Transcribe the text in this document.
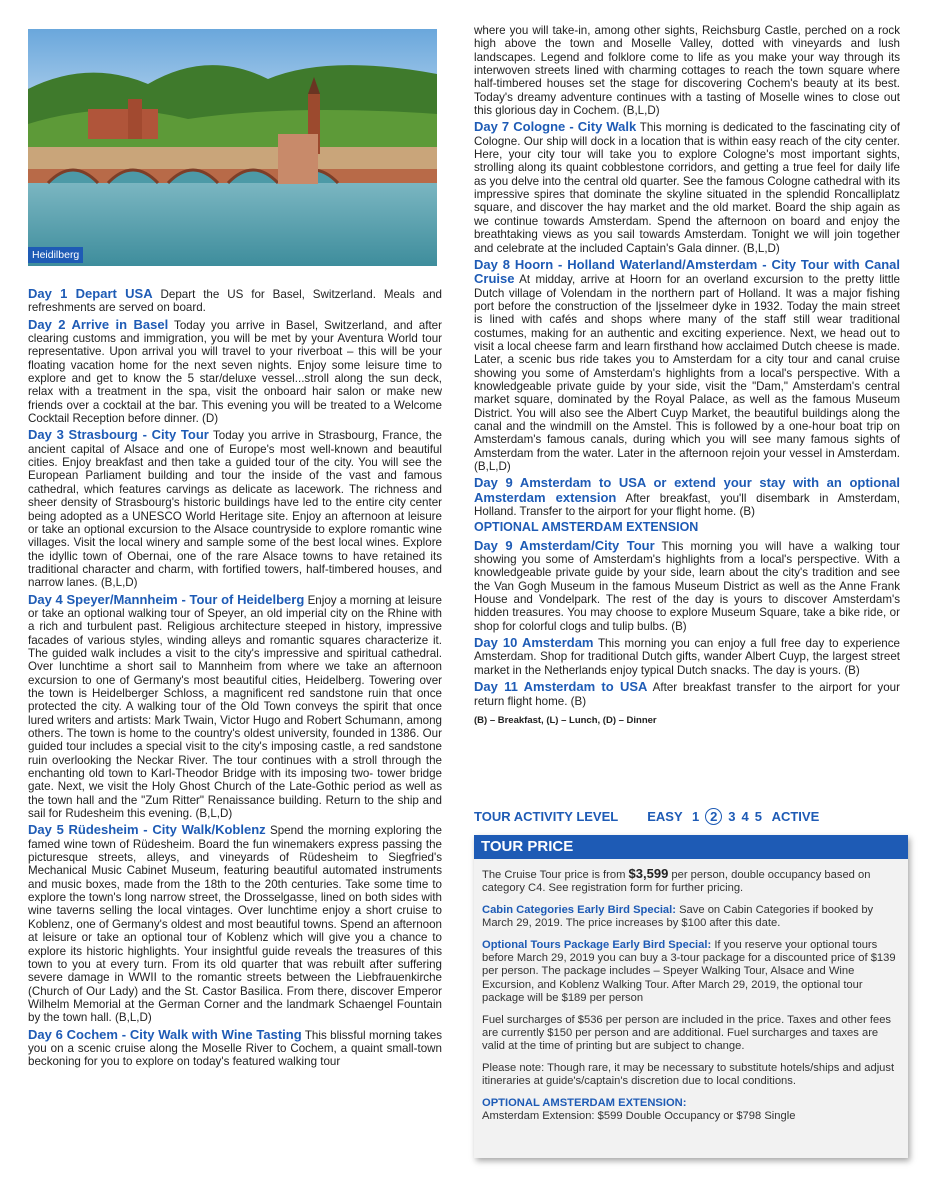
Heidilberg

Day 1 Depart USA Depart the US for Basel, Switzerland. Meals and refreshments are served on board.

Day 2 Arrive in Basel Today you arrive in Basel, Switzerland, and after clearing customs and immigration, you will be met by your Aventura World tour representative. Upon arrival you will travel to your riverboat – this will be your floating vacation home for the next seven nights. Enjoy some leisure time to explore and get to know the 5 star/deluxe vessel...stroll along the sun deck, relax with a treatment in the spa, visit the onboard hair salon or make new friends over a cocktail at the bar. This evening you will be treated to a Welcome Cocktail Reception before dinner. (D)

Day 3 Strasbourg - City Tour Today you arrive in Strasbourg, France, the ancient capital of Alsace and one of Europe's most well-known and beautiful cities. Enjoy breakfast and then take a guided tour of the city. You will see the European Parliament building and tour the inside of the vast and famous cathedral, which features carvings as delicate as lacework. The richness and sheer density of Strasbourg's historic buildings have led to the entire city center being adopted as a UNESCO World Heritage site. Enjoy an afternoon at leisure or take an optional excursion to the Alsace countryside to explore romantic wine villages. Visit the local winery and sample some of the best local wines. Explore the idyllic town of Obernai, one of the rare Alsace towns to have retained its traditional character and charm, with fortified towers, half-timbered houses, and narrow lanes. (B,L,D)

Day 4 Speyer/Mannheim - Tour of Heidelberg Enjoy a morning at leisure or take an optional walking tour of Speyer, an old imperial city on the Rhine with a rich and turbulent past. Religious architecture steeped in history, impressive facades of various styles, winding alleys and romantic squares characterize it. The guided walk includes a visit to the city's impressive and spiritual cathedral. Over lunchtime a short sail to Mannheim from where we take an afternoon excursion to one of Germany's most beautiful cities, Heidelberg. Towering over the town is Heidelberger Schloss, a magnificent red sandstone ruin that once protected the city. A walking tour of the Old Town conveys the spirit that once lured writers and artists: Mark Twain, Victor Hugo and Robert Schumann, among others. The town is home to the country's oldest university, founded in 1386. Our guided tour includes a special visit to the city's imposing castle, a red sandstone ruin overlooking the Neckar River. The tour continues with a stroll through the enchanting old town to Karl-Theodor Bridge with its imposing two- tower bridge gate. Next, we visit the Holy Ghost Church of the Late-Gothic period as well as the town hall and the "Zum Ritter" Renaissance building. Return to the ship and sail for Rudesheim this evening. (B,L,D)

Day 5 Rüdesheim - City Walk/Koblenz Spend the morning exploring the famed wine town of Rüdesheim. Board the fun winemakers express passing the picturesque streets, alleys, and vineyards of Rüdesheim to Siegfried's Mechanical Music Cabinet Museum, featuring beautiful automated instruments and music boxes, made from the 18th to the 20th centuries. Take some time to explore the town's long narrow street, the Drosselgasse, lined on both sides with wine taverns selling the local vintages. Over lunchtime enjoy a short cruise to Koblenz, one of Germany's oldest and most beautiful towns. Spend an afternoon at leisure or take an optional tour of Koblenz which will give you a chance to explore its historic highlights. Your insightful guide reveals the treasures of this town to you at every turn. From its old quarter that was rebuilt after suffering severe damage in WWII to the romantic streets between the Liebfrauenkirche (Church of Our Lady) and the St. Castor Basilica. From there, discover Emperor Wilhelm Memorial at the German Corner and the landmark Schaengel Fountain by the town hall. (B,L,D)

Day 6 Cochem - City Walk with Wine Tasting This blissful morning takes you on a scenic cruise along the Moselle River to Cochem, a quaint small-town beckoning for you to explore on today's featured walking tour

where you will take-in, among other sights, Reichsburg Castle, perched on a rock high above the town and Moselle Valley, dotted with vineyards and lush landscapes. Legend and folklore come to life as you make your way through its interwoven streets lined with charming cottages to reach the town square where half-timbered houses set the stage for discovering Cochem's beauty at its best. Today's dreamy adventure continues with a tasting of Moselle wines to close out this glorious day in Cochem. (B,L,D)

Day 7 Cologne - City Walk This morning is dedicated to the fascinating city of Cologne. Our ship will dock in a location that is within easy reach of the city center. Here, your city tour will take you to explore Cologne's most important sights, strolling along its quaint cobblestone corridors, and getting a true feel for daily life as you delve into the central old quarter. See the famous Cologne cathedral with its impressive spires that dominate the skyline situated in the splendid Roncalliplatz square, and discover the hay market and the old market. Board the ship again as we continue towards Amsterdam. Spend the afternoon on board and enjoy the breathtaking views as you sail towards Amsterdam. Tonight we will join together and celebrate at the included Captain's Gala dinner. (B,L,D)

Day 8 Hoorn - Holland Waterland/Amsterdam - City Tour with Canal Cruise At midday, arrive at Hoorn for an overland excursion to the pretty little Dutch village of Volendam in the northern part of Holland. It was a major fishing port before the construction of the Ijsselmeer dyke in 1932. Today the main street is lined with cafés and shops where many of the staff still wear traditional costumes, making for an authentic and exciting experience. Next, we head out to visit a local cheese farm and learn firsthand how acclaimed Dutch cheese is made. Later, a scenic bus ride takes you to Amsterdam for a city tour and canal cruise showing you some of Amsterdam's highlights from a local's perspective. With a knowledgeable private guide by your side, visit the "Dam," Amsterdam's central market square, dominated by the Royal Palace, as well as the famous Museum District. You will also see the Albert Cuyp Market, the beautiful buildings along the canal and the windmill on the Amstel. This is followed by a one-hour boat trip on Amsterdam's famous canals, during which you will see many famous sights of Amsterdam from the water. Later in the afternoon rejoin your vessel in Amsterdam. (B,L,D)

Day 9 Amsterdam to USA or extend your stay with an optional Amsterdam extension After breakfast, you'll disembark in Amsterdam, Holland. Transfer to the airport for your flight home. (B)

OPTIONAL AMSTERDAM EXTENSION

Day 9 Amsterdam/City Tour This morning you will have a walking tour showing you some of Amsterdam's highlights from a local's perspective. With a knowledgeable private guide by your side, learn about the city's tradition and see the Van Gogh Museum in the famous Museum District as well as the Anne Frank House and Vondelpark. The rest of the day is yours to discover Amsterdam's hidden treasures. You may choose to explore Museum Square, take a bike ride, or shop for colorful clogs and tulip bulbs. (B)

Day 10 Amsterdam This morning you can enjoy a full free day to experience Amsterdam. Shop for traditional Dutch gifts, wander Albert Cuyp, the largest street market in the Netherlands enjoy typical Dutch snacks. The day is yours. (B)

Day 11 Amsterdam to USA After breakfast transfer to the airport for your return flight home. (B)

(B) – Breakfast, (L) – Lunch, (D) – Dinner
TOUR ACTIVITY LEVEL EASY 1 2 3 4 5 ACTIVE
TOUR PRICE

The Cruise Tour price is from $3,599 per person, double occupancy based on category C4. See registration form for further pricing.

Cabin Categories Early Bird Special: Save on Cabin Categories if booked by March 29, 2019. The price increases by $100 after this date.

Optional Tours Package Early Bird Special: If you reserve your optional tours before March 29, 2019 you can buy a 3-tour package for a discounted price of $139 per person. The package includes – Speyer Walking Tour, Alsace and Wine Excursion, and Koblenz Walking Tour. After March 29, 2019, the optional tour package will be $189 per person

Fuel surcharges of $536 per person are included in the price. Taxes and other fees are currently $150 per person and are additional. Fuel surcharges and taxes are valid at the time of printing but are subject to change.

Please note: Though rare, it may be necessary to substitute hotels/ships and adjust itineraries at guide's/captain's discretion due to local conditions.

OPTIONAL AMSTERDAM EXTENSION:
Amsterdam Extension: $599 Double Occupancy or $798 Single
